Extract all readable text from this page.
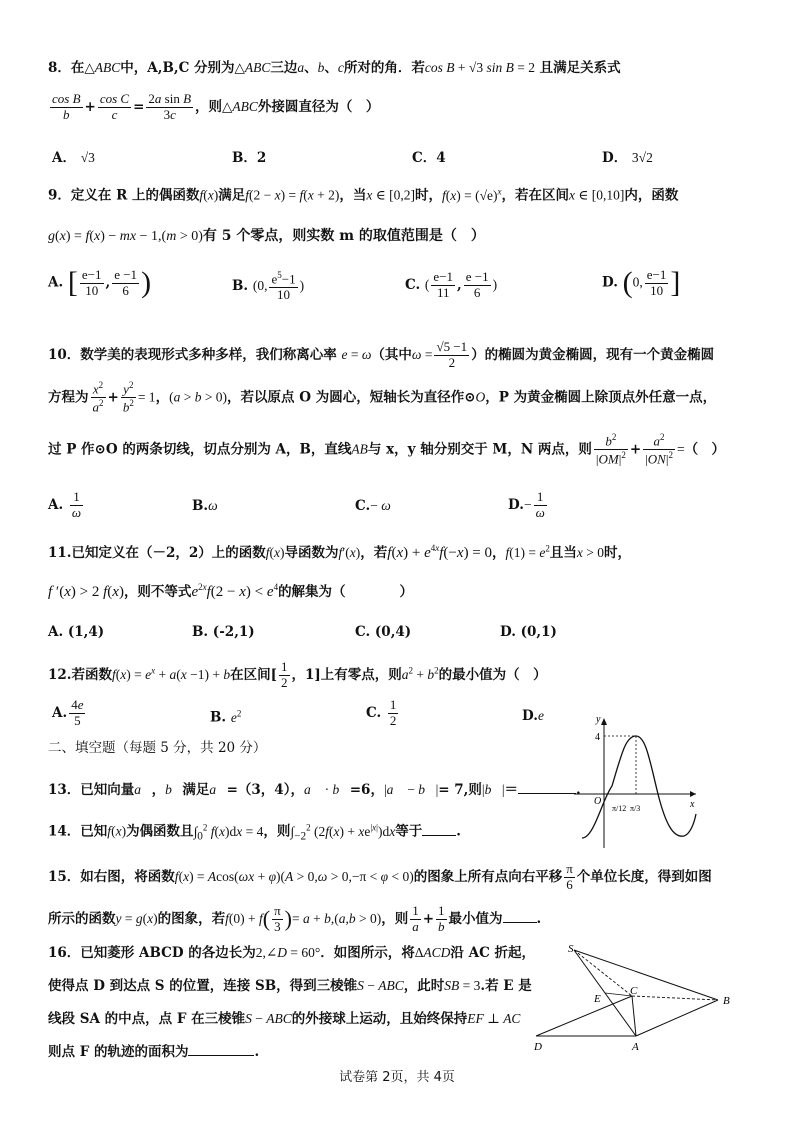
8．在△ABC中，A,B,C 分别为△ABC三边a、b、c所对的角．若cos B + √3 sin B = 2 且满足关系式
$\frac{\text{cos B}}{b} + \frac{\text{cos C}}{c} = \frac{\text{2a sin B}}{3c}$ ，则△ABC外接圆直径为（　）
A． √3	B．2	C．4	D． 3√2
9．定义在 R 上的偶函数f(x)满足f(2 − x) = f(x + 2)，当x ∈ [0,2]时，$f(x) = (√e)^x$，若在区间x ∈ [0,10]内，函数
g(x) = f(x) − mx − 1,(m > 0)有 5 个零点，则实数 m 的取值范围是（　）
A. [ $\frac{e-1}{10}$ , $\frac{e -1}{6}$ )	B. (0, $\frac{e^5-1}{10}$ )	C. ( $\frac{e-1}{11}$ , $\frac{e -1}{6}$ )	D. (0, $\frac{e-1}{10}$ ]
10．数学美的表现形式多种多样，我们称离心率 e = ω（其中$\omega = \frac{√5 -1}{2}$ ）的椭圆为黄金椭圆，现有一个黄金椭圆
方程为 $\frac{x^2}{a^2} + \frac{y^2}{b^2} = 1$，(a > b > 0)，若以原点 O 为圆心，短轴长为直径作⊙O，P 为黄金椭圆上除顶点外任意一点，
过 P 作⊙O 的两条切线，切点分别为 A，B，直线AB与 x，y 轴分别交于 M，N 两点，则 $\frac{b^2}{|OM|^2} + \frac{a^2}{|ON|^2}$ =（　）
A. $\frac{1}{\omega}$	B.ω	C.− ω	$D.- \frac{1}{\omega}$
11.已知定义在（－2，2）上的函数f(x)导函数为f′(x)，若$f(x) + e^{4x}f(-x) = 0$，$f(1) = e^2$且当x > 0时，
f ′(x) > 2 f(x)，则不等式$e^{2x}f(2 - x) < e^4$的解集为（　　　　）
A. (1,4)	B. (-2,1)	C. (0,4)	D. (0,1)
12.若函数$f(x) = e^x + a(x -1) + b$在区间[ $\frac{1}{2}$ ，1]上有零点，则$a^2 + b^2$的最小值为（　）
A. $\frac{4e}{5}$	B. $e^2$	C. $\frac{1}{2}$	D.e
二、填空题（每题 5 分，共 20 分）
13．已知向量a⃗，b⃗满足a⃗=（3，4），a⃗ · b⃗=6，|a⃗ − b⃗|= 7,则|b⃗|＝	.
14．已知f(x)为偶函数且$\int_0^2$ f(x)dx = 4，则$\int_{-2}^2$ $(2f(x) + xe^{|x|})dx$等于	.
15．如右图，将函数f(x) = Acos(ωx + φ)(A > 0,ω > 0,−π < φ < 0)的图象上所有点向右平移 $\frac{\pi}{6}$ 个单位长度，得到如图
所示的函数y = g(x)的图象，若$f(0) + f( \frac{\pi}{3}$ )= a + b,(a,b > 0)，则 $\frac{1}{a} + \frac{1}{b}$ 最小值为	.
16．已知菱形 ABCD 的各边长为2,∠D = 60°．如图所示，将ΔACD沿 AC 折起，
使得点 D 到达点 S 的位置，连接 SB，得到三棱锥S − ABC，此时SB = 3.若 E 是
线段 SA 的中点，点 F 在三棱锥S − ABC的外接球上运动，且始终保持EF ⊥ AC
则点 F 的轨迹的面积为	.
y
x
O
4
π/12 π/3
S
E
C
B
D	A
试卷第 2页，共 4页
